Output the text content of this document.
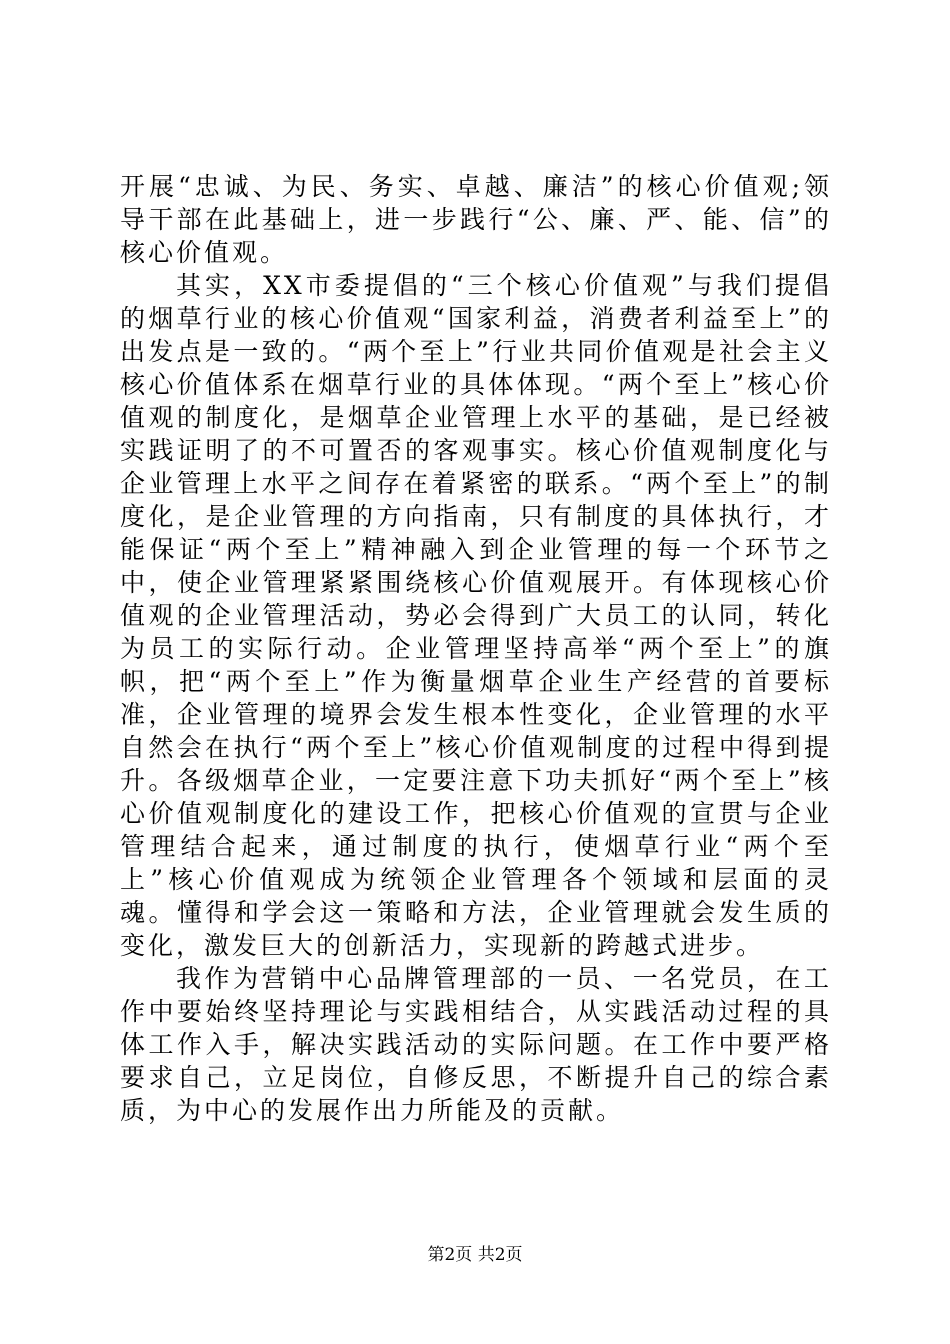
开展“忠诚、为民、务实、卓越、廉洁”的核心价值观;领导干部在此基础上，进一步践行“公、廉、严、能、信”的核心价值观。

其实，XX市委提倡的“三个核心价值观”与我们提倡的烟草行业的核心价值观“国家利益，消费者利益至上”的出发点是一致的。“两个至上”行业共同价值观是社会主义核心价值体系在烟草行业的具体体现。“两个至上”核心价值观的制度化，是烟草企业管理上水平的基础，是已经被实践证明了的不可置否的客观事实。核心价值观制度化与企业管理上水平之间存在着紧密的联系。“两个至上”的制度化，是企业管理的方向指南，只有制度的具体执行，才能保证“两个至上”精神融入到企业管理的每一个环节之中，使企业管理紧紧围绕核心价值观展开。有体现核心价值观的企业管理活动，势必会得到广大员工的认同，转化为员工的实际行动。企业管理坚持高举“两个至上”的旗帜，把“两个至上”作为衡量烟草企业生产经营的首要标准，企业管理的境界会发生根本性变化，企业管理的水平自然会在执行“两个至上”核心价值观制度的过程中得到提升。各级烟草企业，一定要注意下功夫抓好“两个至上”核心价值观制度化的建设工作，把核心价值观的宣贯与企业管理结合起来，通过制度的执行，使烟草行业“两个至上”核心价值观成为统领企业管理各个领域和层面的灵魂。懂得和学会这一策略和方法，企业管理就会发生质的变化，激发巨大的创新活力，实现新的跨越式进步。

我作为营销中心品牌管理部的一员、一名党员，在工作中要始终坚持理论与实践相结合，从实践活动过程的具体工作入手，解决实践活动的实际问题。在工作中要严格要求自己，立足岗位，自修反思，不断提升自己的综合素质，为中心的发展作出力所能及的贡献。

第2页 共2页
